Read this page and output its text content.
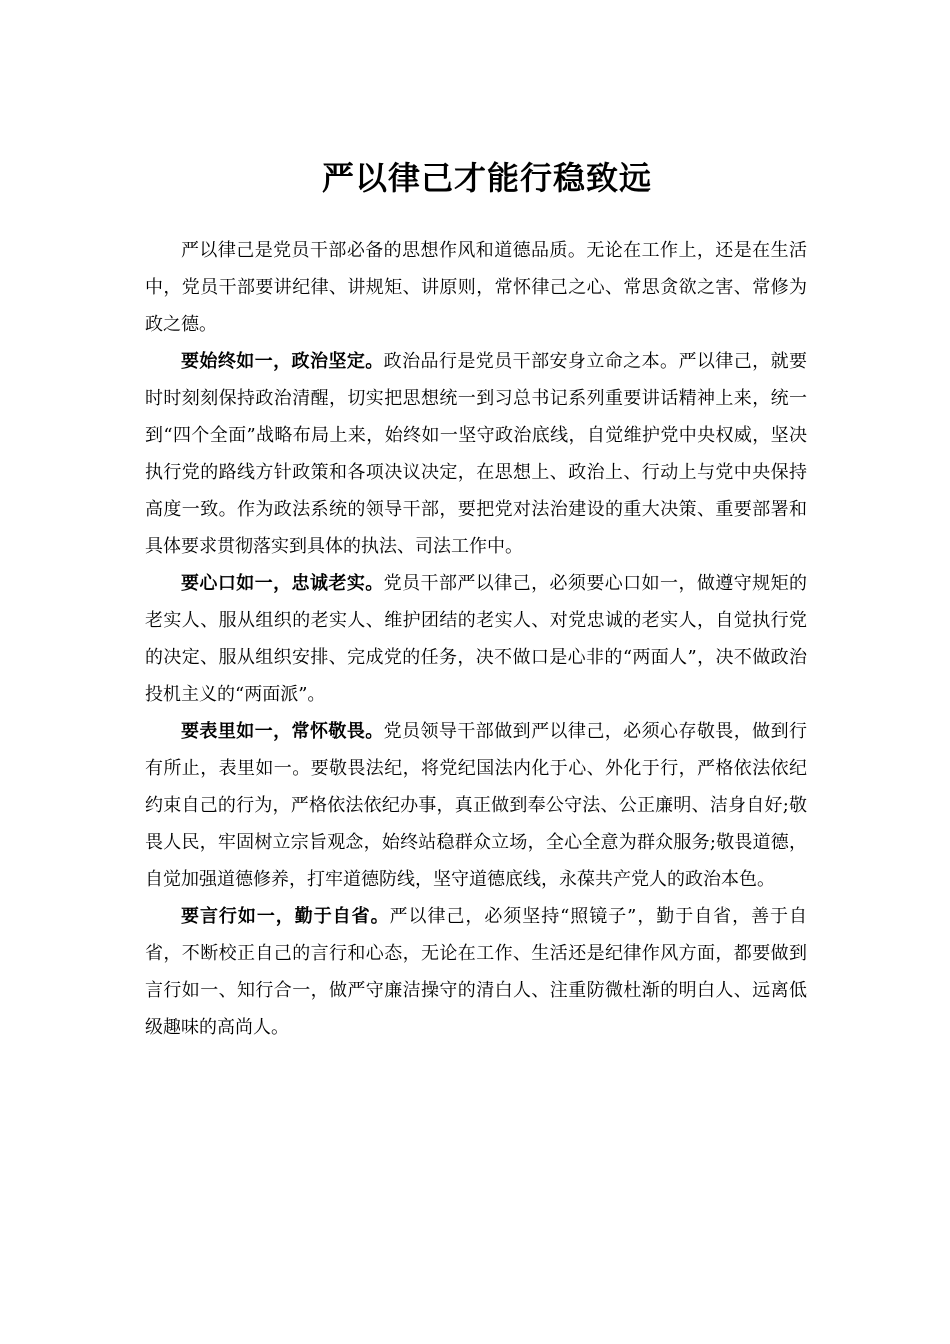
严以律己才能行稳致远

严以律己是党员干部必备的思想作风和道德品质。无论在工作上，还是在生活中，党员干部要讲纪律、讲规矩、讲原则，常怀律己之心、常思贪欲之害、常修为政之德。

要始终如一，政治坚定。政治品行是党员干部安身立命之本。严以律己，就要时时刻刻保持政治清醒，切实把思想统一到习总书记系列重要讲话精神上来，统一到“四个全面”战略布局上来，始终如一坚守政治底线，自觉维护党中央权威，坚决执行党的路线方针政策和各项决议决定，在思想上、政治上、行动上与党中央保持高度一致。作为政法系统的领导干部，要把党对法治建设的重大决策、重要部署和具体要求贯彻落实到具体的执法、司法工作中。

要心口如一，忠诚老实。党员干部严以律己，必须要心口如一，做遵守规矩的老实人、服从组织的老实人、维护团结的老实人、对党忠诚的老实人，自觉执行党的决定、服从组织安排、完成党的任务，决不做口是心非的“两面人”，决不做政治投机主义的“两面派”。

要表里如一，常怀敬畏。党员领导干部做到严以律己，必须心存敬畏，做到行有所止，表里如一。要敬畏法纪，将党纪国法内化于心、外化于行，严格依法依纪约束自己的行为，严格依法依纪办事，真正做到奉公守法、公正廉明、洁身自好;敬畏人民，牢固树立宗旨观念，始终站稳群众立场，全心全意为群众服务;敬畏道德，自觉加强道德修养，打牢道德防线，坚守道德底线，永葆共产党人的政治本色。

要言行如一，勤于自省。严以律己，必须坚持“照镜子”，勤于自省，善于自省，不断校正自己的言行和心态，无论在工作、生活还是纪律作风方面，都要做到言行如一、知行合一，做严守廉洁操守的清白人、注重防微杜渐的明白人、远离低级趣味的高尚人。
